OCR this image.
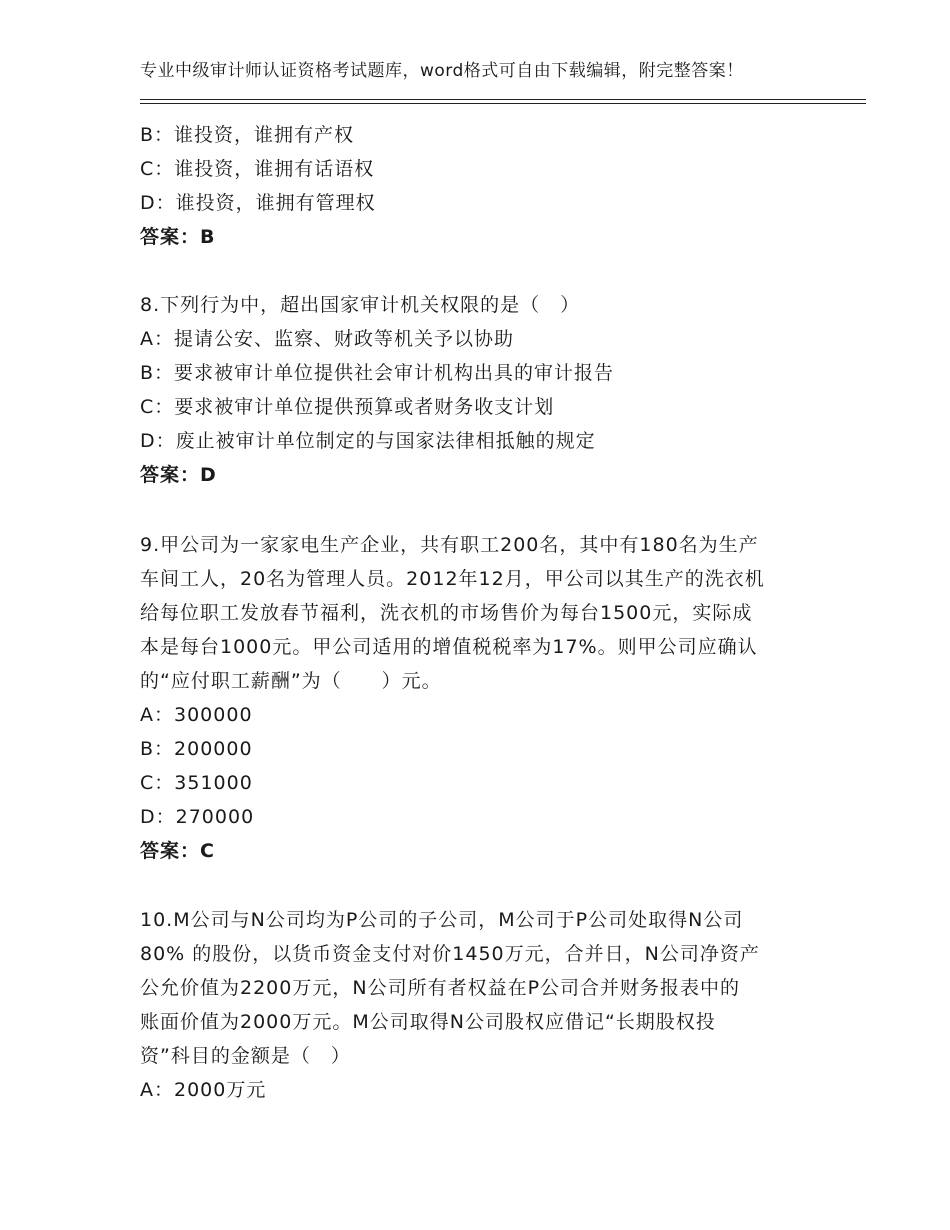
专业中级审计师认证资格考试题库，word格式可自由下载编辑，附完整答案！
B：谁投资，谁拥有产权
C：谁投资，谁拥有话语权
D：谁投资，谁拥有管理权
答案：B
8.下列行为中，超出国家审计机关权限的是（　）
A：提请公安、监察、财政等机关予以协助
B：要求被审计单位提供社会审计机构出具的审计报告
C：要求被审计单位提供预算或者财务收支计划
D：废止被审计单位制定的与国家法律相抵触的规定
答案：D
9.甲公司为一家家电生产企业，共有职工200名，其中有180名为生产
车间工人，20名为管理人员。2012年12月，甲公司以其生产的洗衣机
给每位职工发放春节福利，洗衣机的市场售价为每台1500元，实际成
本是每台1000元。甲公司适用的增值税税率为17%。则甲公司应确认
的“应付职工薪酬”为（　　）元。
A：300000
B：200000
C：351000
D：270000
答案：C
10.M公司与N公司均为P公司的子公司，M公司于P公司处取得N公司
80% 的股份，以货币资金支付对价1450万元，合并日，N公司净资产
公允价值为2200万元，N公司所有者权益在P公司合并财务报表中的
账面价值为2000万元。M公司取得N公司股权应借记“长期股权投
资”科目的金额是（　）
A：2000万元
